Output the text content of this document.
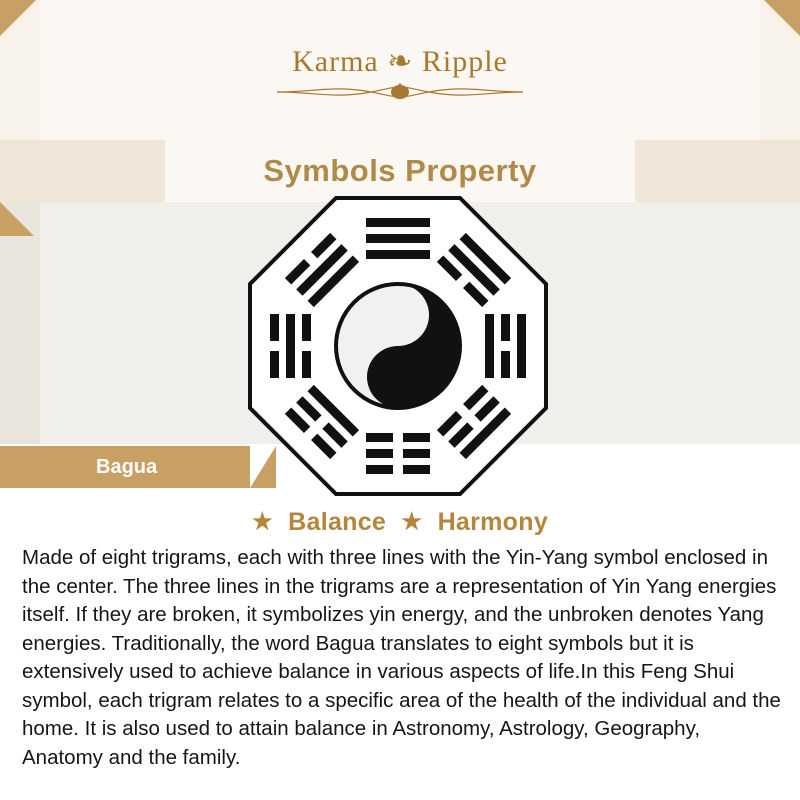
Karma ❧ Ripple
Symbols Property
Bagua
★ Balance ★ Harmony
Made of eight trigrams, each with three lines with the Yin-Yang symbol enclosed in the center. The three lines in the trigrams are a representation of Yin Yang energies itself. If they are broken, it symbolizes yin energy, and the unbroken denotes Yang energies. Traditionally, the word Bagua translates to eight symbols but it is extensively used to achieve balance in various aspects of life.In this Feng Shui symbol, each trigram relates to a specific area of the health of the individual and the home. It is also used to attain balance in Astronomy, Astrology, Geography, Anatomy and the family.
